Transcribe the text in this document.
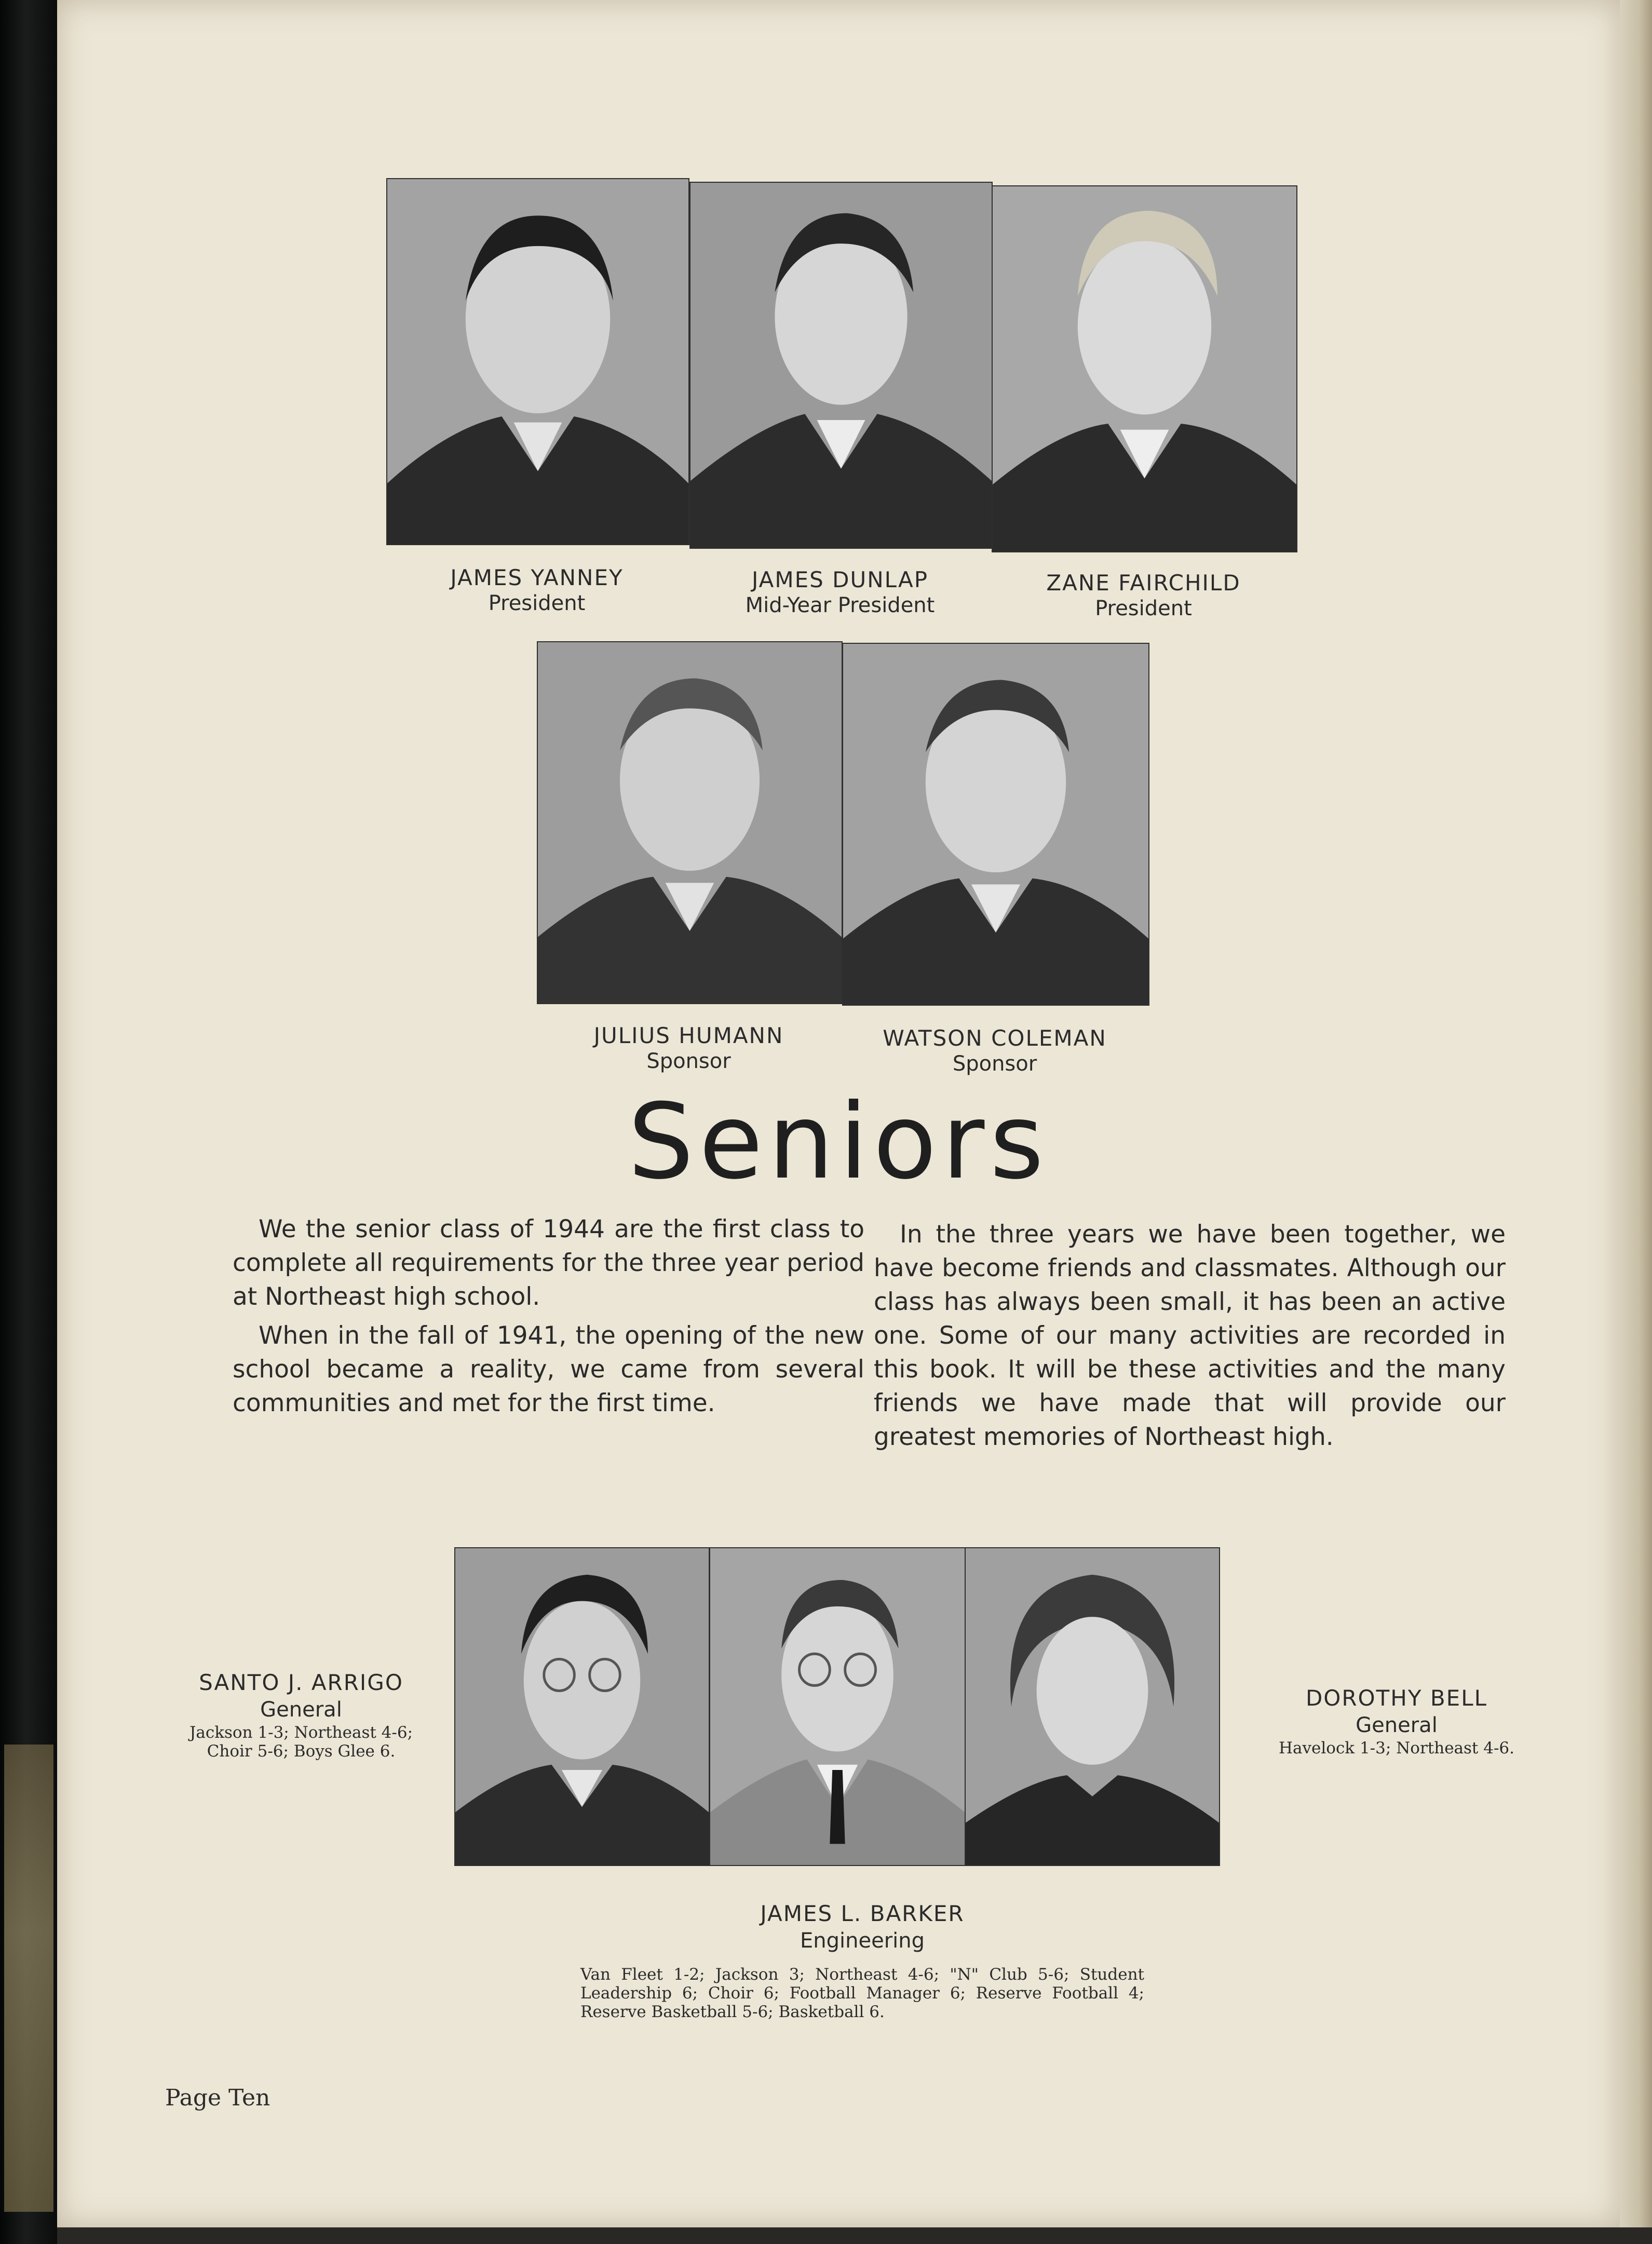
JAMES YANNEY
President
JAMES DUNLAP
Mid-Year President
ZANE FAIRCHILD
President
JULIUS HUMANN
Sponsor
WATSON COLEMAN
Sponsor
Seniors

We the senior class of 1944 are the first class to complete all requirements for the three year period at Northeast high school.

When in the fall of 1941, the opening of the new school became a reality, we came from several communities and met for the first time.

In the three years we have been together, we have become friends and classmates. Although our class has always been small, it has been an active one. Some of our many activities are recorded in this book. It will be these activities and the many friends we have made that will provide our greatest memories of Northeast high.

SANTO J. ARRIGO
General
Jackson 1-3; Northeast 4-6; Choir 5-6; Boys Glee 6.
DOROTHY BELL
General
Havelock 1-3; Northeast 4-6.
JAMES L. BARKER
Engineering
Van Fleet 1-2; Jackson 3; Northeast 4-6; "N" Club 5-6; Student Leadership 6; Choir 6; Football Manager 6; Reserve Football 4; Reserve Basketball 5-6; Basketball 6.
Page Ten
